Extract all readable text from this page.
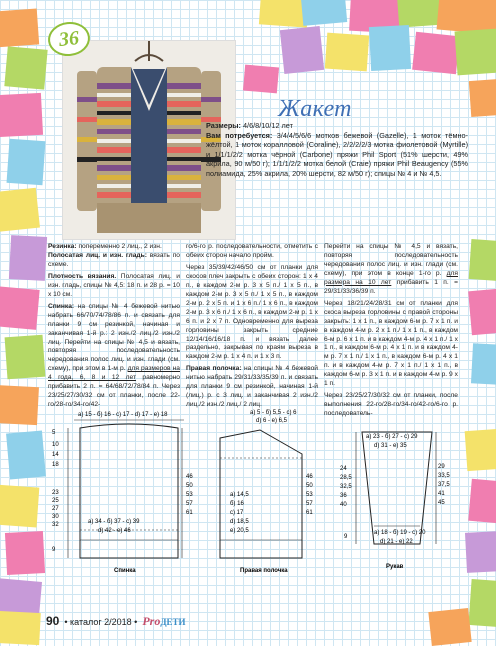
36
Жакет
Размеры: 4/6/8/10/12 лет
Вам потребуется: 3/4/4/5/6/6 мотков бежевой (Gazelle), 1 моток тёмно-жёлтой, 1 моток коралловой (Coraline), 2/2/2/2/3 мотка фиолетовой (Myrtille) и 1/1/1/2/2 мотка чёрной (Carbone) пряжи Phil Sport (51% шерсти, 49% акрила, 90 м/50 г); 1/1/1/2/2 мотка белой (Craie) пряжи Phil Beaugency (55% полиамида, 25% акрила, 20% шерсти, 82 м/50 г); спицы № 4 и № 4,5.

Резинка: попеременно 2 лиц., 2 изн.
Полосатая лиц. и изн. гладь: вязать по схеме.

Плотность вязания. Полосатая лиц. и изн. гладь, спицы № 4,5: 18 п. и 28 р. = 10 х 10 см.

Спинка: на спицы № 4 бежевой нитью набрать 66/70/74/78/86 п. и связать для планки 9 см резинкой, начиная и заканчивая 1-й р.: 2 изн./2 лиц./2 изн./2 лиц. Перейти на спицы № 4,5 и вязать, повторяя последовательность чередования полос лиц. и изн. глади (см. схему), при этом в 1-м р. для размеров на 4 года, 6, 8 и 12 лет равномерно прибавить 2 п. = 64/68/72/78/84 п. Через 23/25/27/30/32 см от планки, после 22-го/28-го/34-го/42-

го/6-го р. последовательности, отметить с обеих сторон начало пройм.

Через 35/39/42/46/50 см от планки для скосов плеч закрыть с обеих сторон: 1 х 4 п., в каждом 2-м р. 3 х 5 п./ 1 х 5 п., в каждом 2-м р. 3 х 5 п./ 1 х 5 п., в каждом 2-м р. 2 х 5 п. и 1 х 6 п./ 1 х 6 п., в каждом 2-м р. 3 х 6 п./ 1 х 6 п., в каждом 2-м р. 1 х 6 п. и 2 х 7 п. Одновременно для выреза горловины закрыть средние 12/14/16/16/18 п. и вязать далее раздельно, закрывая по краям выреза в каждом 2-м р. 1 х 4 п. и 1 х 3 п.

Правая полочка: на спицы № 4 бежевой нитью набрать 29/31/33/35/39 п. и связать для планки 9 см резинкой, начиная 1-й (лиц.) р. с 3 лиц. и заканчивая 2 изн./2 лиц./2 изн./2 лиц./ 2 лиц.

Перейти на спицы № 4,5 и вязать, повторяя последовательность чередования полос лиц. и изн. глади (см. схему), при этом в конце 1-го р. для размера на 10 лет прибавить 1 п. = 29/31/33/36/39 п.

Через 18/21/24/28/31 см от планки для скоса выреза горловины с правой стороны закрыть: 1 х 1 п., в каждом 6-м р. 7 х 1 п. и в каждом 4-м р. 2 х 1 п./ 1 х 1 п., в каждом 6-м р. 6 х 1 п. и в каждом 4-м р. 4 х 1 п./ 1 х 1 п., в каждом 6-м р. 4 х 1 п. и в каждом 4-м р. 7 х 1 п./ 1 х 1 п., в каждом 6-м р. 4 х 1 п. и в каждом 4-м р. 7 х 1 п./ 1 х 1 п., в каждом 6-м р. 3 х 1 п. и в каждом 4-м р. 9 х 1 п.

Через 23/25/27/30/32 см от планки, после выполнения 22-го/28-го/34-го/42-го/6-го р. последователь-

а) 15 - б) 16 - с) 17 - d) 17 - е) 18
а) 34 - б) 37 - с) 39
d) 42 - е) 46
5
10
14
18
23
25
27
30
32
9
46
50
53
57
61
Спинка
а) 5 - б) 5,5 - с) 6
d) 6 - е) 6,5
а) 14,5
б) 16
с) 17
d) 18,5
е) 20,5
46
50
53
57
61
Правая полочка
а) 23 - б) 27 - с) 29
d) 31 - е) 35
а) 18 - б) 19 - с) 20
d) 21 - е) 22
24
28,5
32,5
36
40
9
29
33,5
37,5
41
45
Рукав
90 • каталог 2/2018 • ProДЕТИ
